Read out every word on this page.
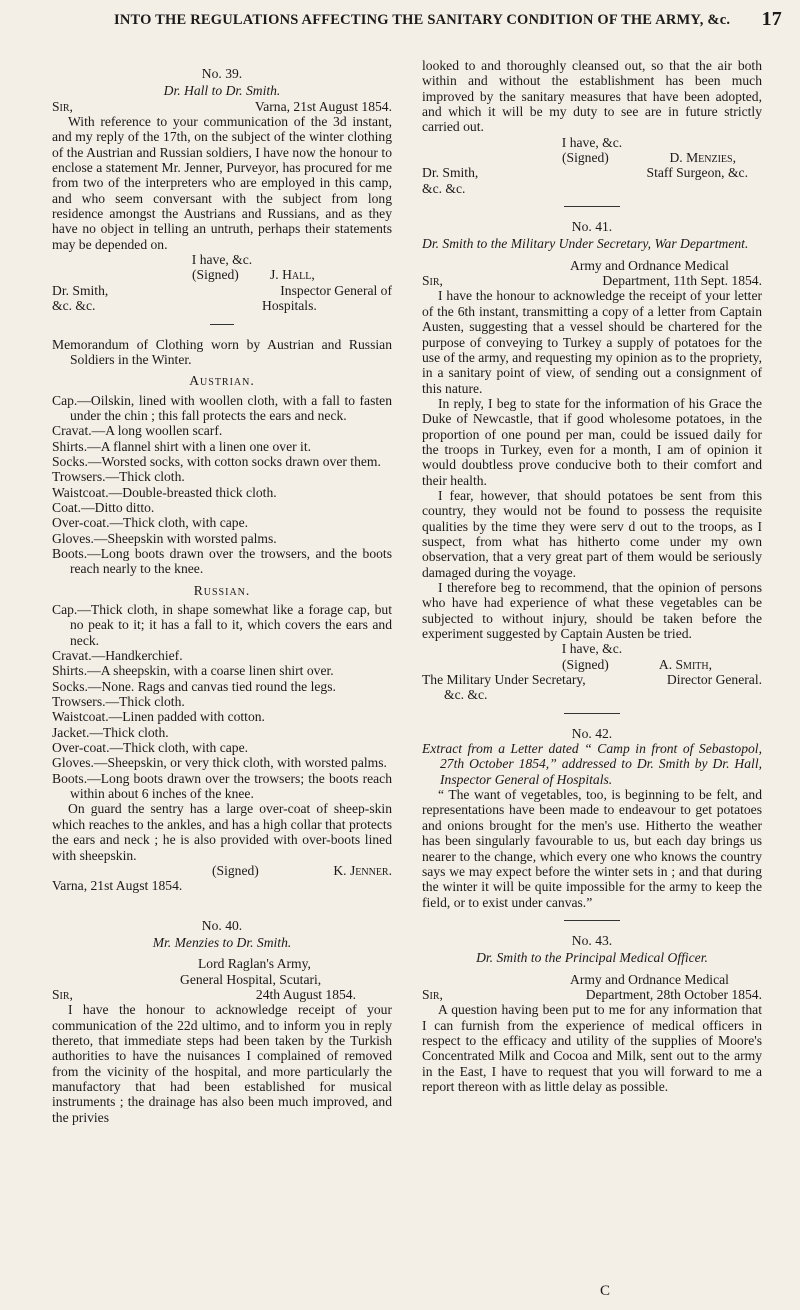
INTO THE REGULATIONS AFFECTING THE SANITARY CONDITION OF THE ARMY, &c. 17

No. 39.

Dr. Hall to Dr. Smith.

Sir,	Varna, 21st August 1854.

With reference to your communication of the 3d instant, and my reply of the 17th, on the subject of the winter clothing of the Austrian and Russian soldiers, I have now the honour to enclose a statement Mr. Jenner, Purveyor, has procured for me from two of the interpreters who are employed in this camp, and who seem conversant with the subject from long residence amongst the Austrians and Russians, and as they have no object in telling an untruth, perhaps their statements may be depended on.

I have, &c.
(Signed) J. Hall,
Dr. Smith,	Inspector General of
&c. &c.	Hospitals.

Memorandum of Clothing worn by Austrian and Russian Soldiers in the Winter.

Austrian.

Cap.—Oilskin, lined with woollen cloth, with a fall to fasten under the chin ; this fall protects the ears and neck.

Cravat.—A long woollen scarf.

Shirts.—A flannel shirt with a linen one over it.

Socks.—Worsted socks, with cotton socks drawn over them.

Trowsers.—Thick cloth.

Waistcoat.—Double-breasted thick cloth.

Coat.—Ditto ditto.

Over-coat.—Thick cloth, with cape.

Gloves.—Sheepskin with worsted palms.

Boots.—Long boots drawn over the trowsers, and the boots reach nearly to the knee.

Russian.

Cap.—Thick cloth, in shape somewhat like a forage cap, but no peak to it; it has a fall to it, which covers the ears and neck.

Cravat.—Handkerchief.

Shirts.—A sheepskin, with a coarse linen shirt over.

Socks.—None. Rags and canvas tied round the legs.

Trowsers.—Thick cloth.

Waistcoat.—Linen padded with cotton.

Jacket.—Thick cloth.

Over-coat.—Thick cloth, with cape.

Gloves.—Sheepskin, or very thick cloth, with worsted palms.

Boots.—Long boots drawn over the trowsers; the boots reach within about 6 inches of the knee.

On guard the sentry has a large over-coat of sheep-skin which reaches to the ankles, and has a high collar that protects the ears and neck ; he is also provided with over-boots lined with sheepskin.

(Signed)	K. Jenner.
Varna, 21st Augst 1854.

No. 40.

Mr. Menzies to Dr. Smith.

Lord Raglan's Army,

General Hospital, Scutari,

Sir,	24th August 1854.

I have the honour to acknowledge receipt of your communication of the 22d ultimo, and to inform you in reply thereto, that immediate steps had been taken by the Turkish authorities to have the nuisances I complained of removed from the vicinity of the hospital, and more particularly the manufactory that had been established for musical instruments ; the drainage has also been much improved, and the privies

looked to and thoroughly cleansed out, so that the air both within and without the establishment has been much improved by the sanitary measures that have been adopted, and which it will be my duty to see are in future strictly carried out.

I have, &c.
(Signed)	D. Menzies,
Dr. Smith,	Staff Surgeon, &c.
&c. &c.

No. 41.

Dr. Smith to the Military Under Secretary, War Department.

Army and Ordnance Medical

Sir,	Department, 11th Sept. 1854.

I have the honour to acknowledge the receipt of your letter of the 6th instant, transmitting a copy of a letter from Captain Austen, suggesting that a vessel should be chartered for the purpose of conveying to Turkey a supply of potatoes for the use of the army, and requesting my opinion as to the propriety, in a sanitary point of view, of sending out a consignment of this nature.

In reply, I beg to state for the information of his Grace the Duke of Newcastle, that if good wholesome potatoes, in the proportion of one pound per man, could be issued daily for the troops in Turkey, even for a month, I am of opinion it would doubtless prove conducive both to their comfort and their health.

I fear, however, that should potatoes be sent from this country, they would not be found to possess the requisite qualities by the time they were serv d out to the troops, as I suspect, from what has hitherto come under my own observation, that a very great part of them would be seriously damaged during the voyage.

I therefore beg to recommend, that the opinion of persons who have had experience of what these vegetables can be subjected to without injury, should be taken before the experiment suggested by Captain Austen be tried.

I have, &c.
(Signed)	A. Smith,
The Military Under Secretary,	Director General.
&c. &c.

No. 42.

Extract from a Letter dated “ Camp in front of Sebastopol, 27th October 1854,” addressed to Dr. Smith by Dr. Hall, Inspector General of Hospitals.

“ The want of vegetables, too, is beginning to be felt, and representations have been made to endeavour to get potatoes and onions brought for the men's use. Hitherto the weather has been singularly favourable to us, but each day brings us nearer to the change, which every one who knows the country says we may expect before the winter sets in ; and that during the winter it will be quite impossible for the army to keep the field, or to exist under canvas.”

No. 43.

Dr. Smith to the Principal Medical Officer.

Army and Ordnance Medical

Sir,	Department, 28th October 1854.

A question having been put to me for any information that I can furnish from the experience of medical officers in respect to the efficacy and utility of the supplies of Moore's Concentrated Milk and Cocoa and Milk, sent out to the army in the East, I have to request that you will forward to me a report thereon with as little delay as possible.

C
